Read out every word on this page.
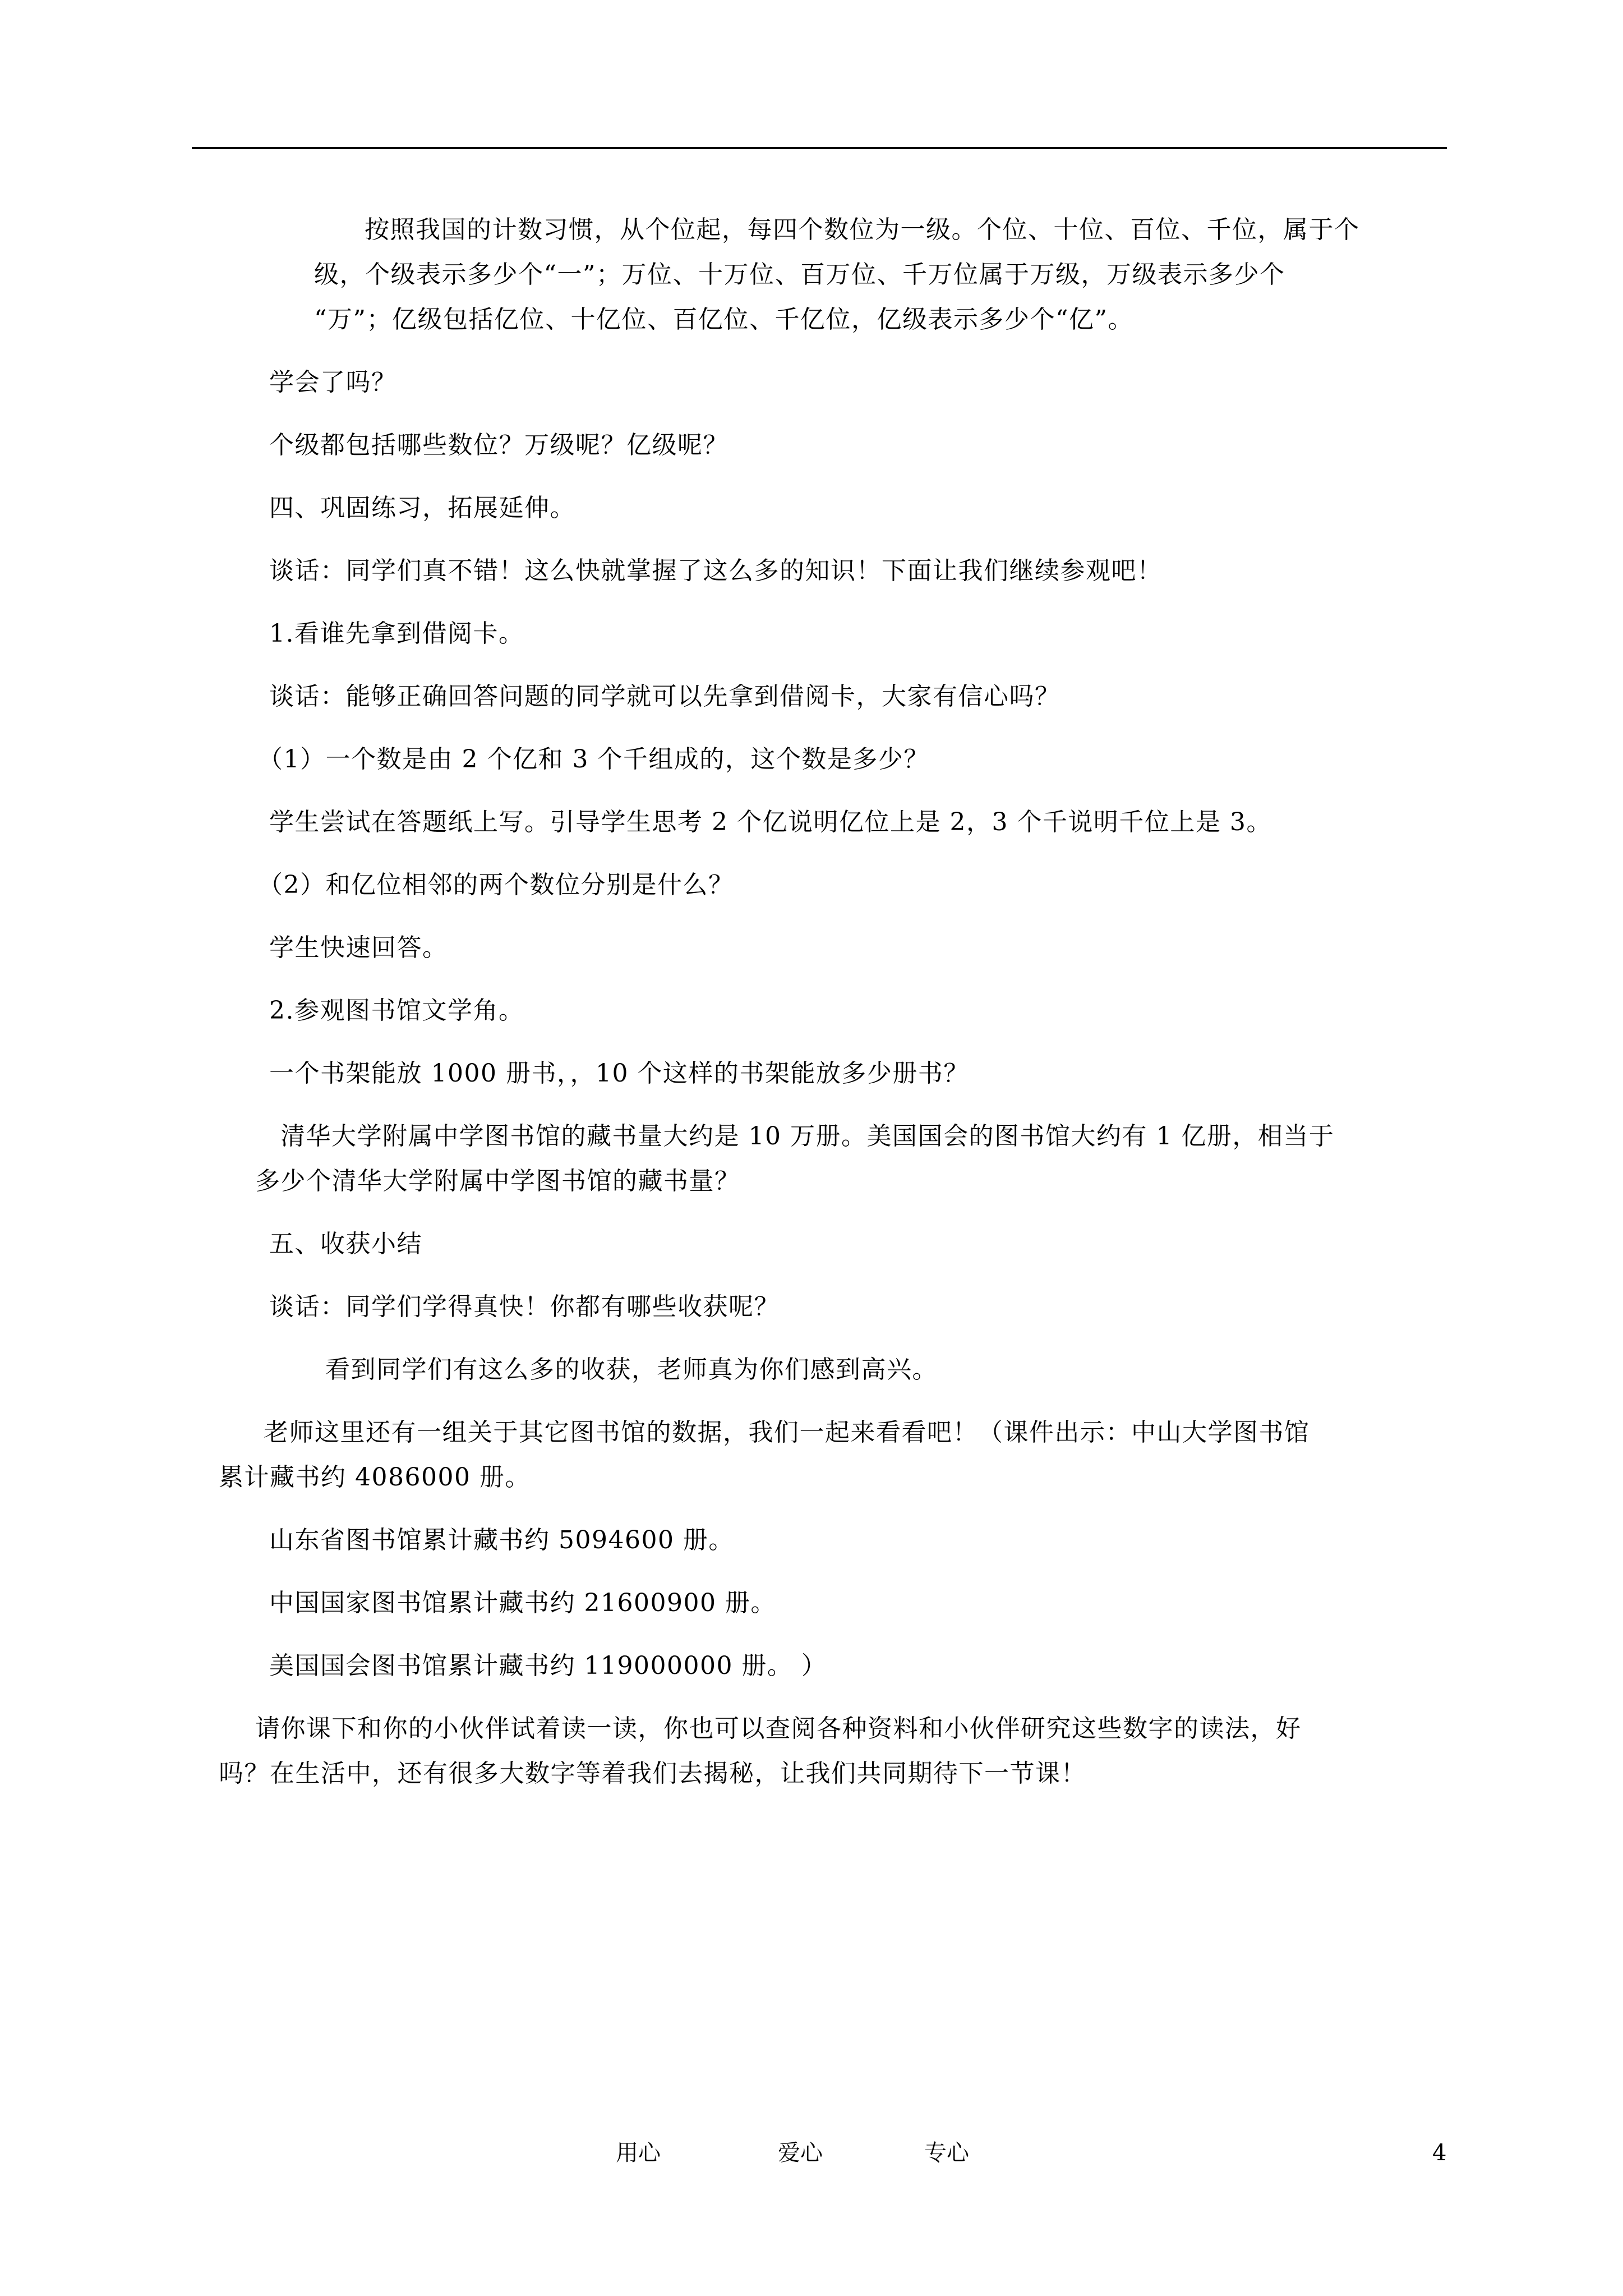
按照我国的计数习惯，从个位起，每四个数位为一级。个位、十位、百位、千位，属于个

级，个级表示多少个“一”；万位、十万位、百万位、千万位属于万级，万级表示多少个

“万”；亿级包括亿位、十亿位、百亿位、千亿位，亿级表示多少个“亿”。

学会了吗？

个级都包括哪些数位？万级呢？亿级呢？

四、巩固练习，拓展延伸。

谈话：同学们真不错！这么快就掌握了这么多的知识！下面让我们继续参观吧！

1.看谁先拿到借阅卡。

谈话：能够正确回答问题的同学就可以先拿到借阅卡，大家有信心吗？

（1）一个数是由 2 个亿和 3 个千组成的，这个数是多少？

学生尝试在答题纸上写。引导学生思考 2 个亿说明亿位上是 2，3 个千说明千位上是 3。

（2）和亿位相邻的两个数位分别是什么？

学生快速回答。

2.参观图书馆文学角。

一个书架能放 1000 册书，，10 个这样的书架能放多少册书？

清华大学附属中学图书馆的藏书量大约是 10 万册。美国国会的图书馆大约有 1 亿册，相当于

多少个清华大学附属中学图书馆的藏书量？

五、收获小结

谈话：同学们学得真快！你都有哪些收获呢？

看到同学们有这么多的收获，老师真为你们感到高兴。

老师这里还有一组关于其它图书馆的数据，我们一起来看看吧！（课件出示：中山大学图书馆

累计藏书约 4086000 册。

山东省图书馆累计藏书约 5094600 册。

中国国家图书馆累计藏书约 21600900 册。

美国国会图书馆累计藏书约 119000000 册。 ）

请你课下和你的小伙伴试着读一读，你也可以查阅各种资料和小伙伴研究这些数字的读法，好

吗？在生活中，还有很多大数字等着我们去揭秘，让我们共同期待下一节课！

用心	爱心	专心	4
